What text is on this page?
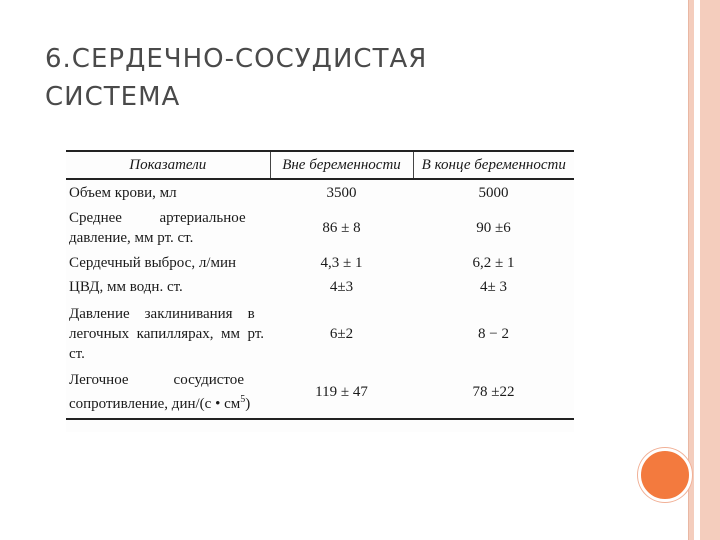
6.СЕРДЕЧНО-СОСУДИСТАЯ
СИСТЕМА
Показатели	Вне беременности	В конце беременности
Объем крови, мл	3500	5000

Среднее          артериальное
давление, мм рт. ст.	86 ± 8	90 ±6
Сердечный выброс, л/мин	4,3 ± 1	6,2 ± 1
ЦВД, мм водн. ст.	4±3	4± 3

Давление    заклинивания    в
легочных  капиллярах,  мм  рт.
ст.	6±2	8 − 2

Легочное            сосудистое
сопротивление, дин/(с • $см^5$)	119 ± 47	78 ±22
